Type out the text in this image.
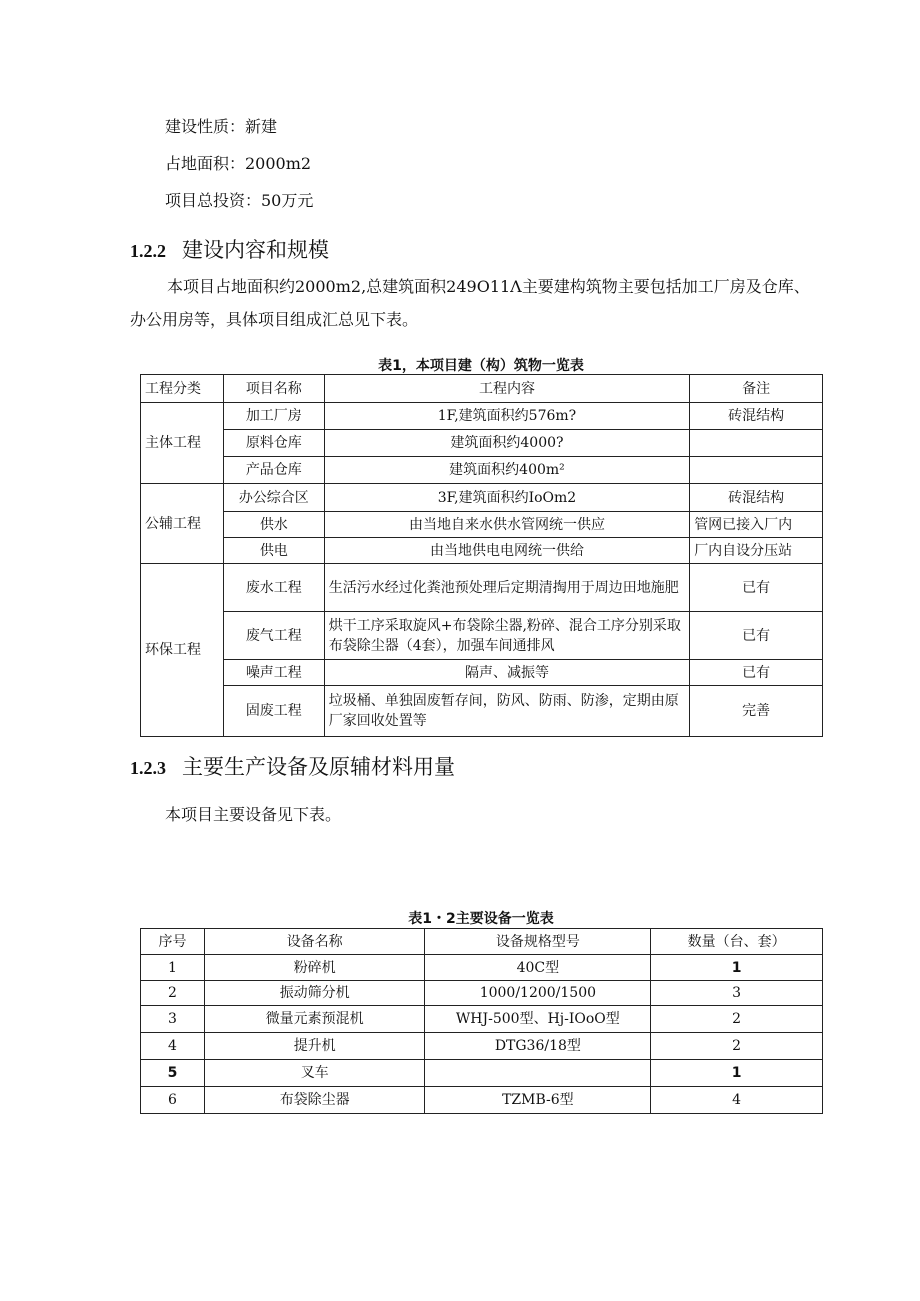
建设性质：新建
占地面积：2000m2
项目总投资：50万元
1.2.2 建设内容和规模
本项目占地面积约2000m2,总建筑面积249O11Λ主要建构筑物主要包括加工厂房及仓库、办公用房等，具体项目组成汇总见下表。
表1，本项目建（构）筑物一览表
工程分类	项目名称	工程内容	备注
主体工程	加工厂房	1F,建筑面积约576m?	砖混结构
	原料仓库	建筑面积约4000?	
	产品仓库	建筑面积约400m²	
公辅工程	办公综合区	3F,建筑面积约IoOm2	砖混结构
	供水	由当地自来水供水管网统一供应	管网已接入厂内
	供电	由当地供电电网统一供给	厂内自设分压站
环保工程	废水工程	生活污水经过化粪池预处理后定期清掏用于周边田地施肥	已有
	废气工程	烘干工序采取旋风+布袋除尘器,粉碎、混合工序分别采取布袋除尘器（4套），加强车间通排风	已有
	噪声工程	隔声、减振等	已有
	固废工程	垃圾桶、单独固废暂存间，防风、防雨、防渗，定期由原厂家回收处置等	完善
1.2.3 主要生产设备及原辅材料用量
本项目主要设备见下表。
表1・2主要设备一览表
序号	设备名称	设备规格型号	数量（台、套）
1	粉碎机	40C型	1
2	振动筛分机	1000/1200/1500	3
3	微量元素预混机	WHJ-500型、Hj-IOoO型	2
4	提升机	DTG36/18型	2
5	叉车		1
6	布袋除尘器	TZMB-6型	4
